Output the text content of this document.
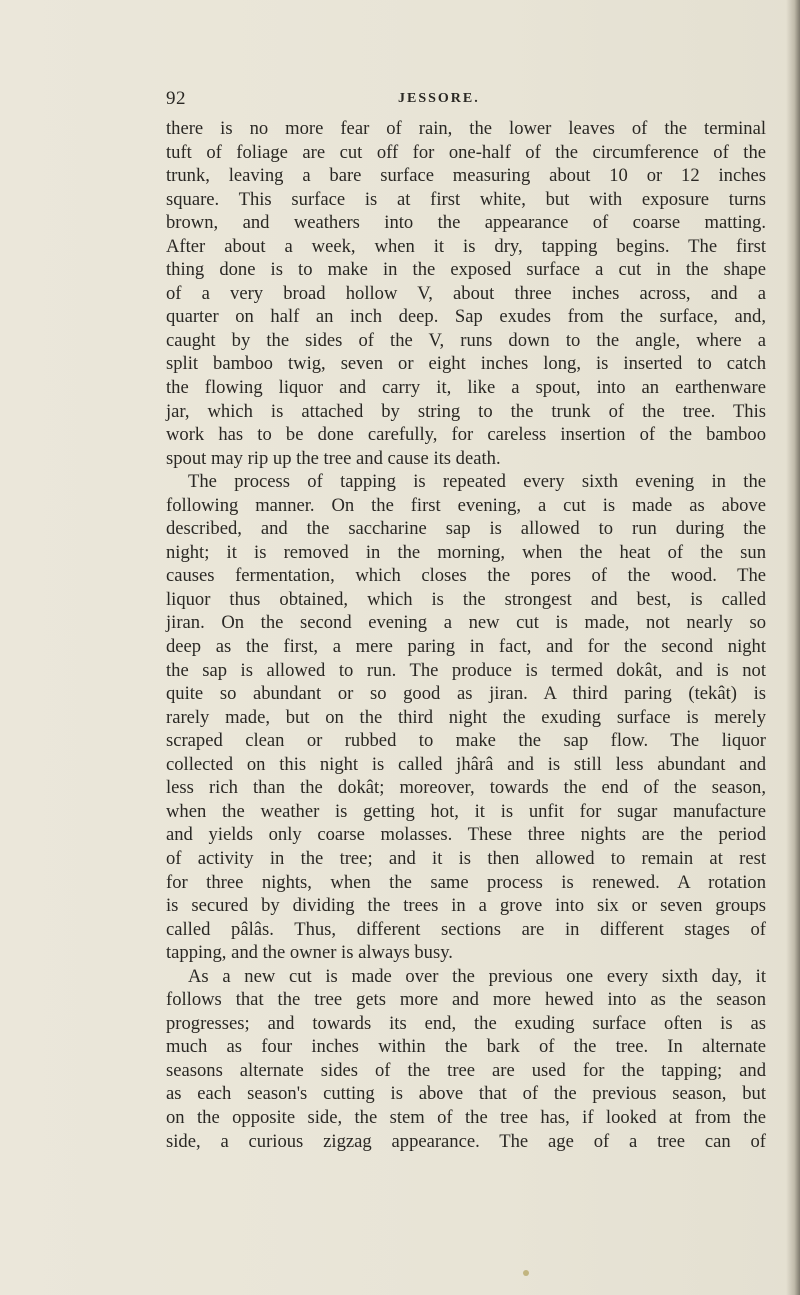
92	JESSORE.
there is no more fear of rain, the lower leaves of the terminal
tuft of foliage are cut off for one-half of the circumference of the
trunk, leaving a bare surface measuring about 10 or 12 inches
square. This surface is at first white, but with exposure turns
brown, and weathers into the appearance of coarse matting.
After about a week, when it is dry, tapping begins. The first
thing done is to make in the exposed surface a cut in the shape
of a very broad hollow V, about three inches across, and a
quarter on half an inch deep. Sap exudes from the surface, and,
caught by the sides of the V, runs down to the angle, where a
split bamboo twig, seven or eight inches long, is inserted to catch
the flowing liquor and carry it, like a spout, into an earthenware
jar, which is attached by string to the trunk of the tree. This
work has to be done carefully, for careless insertion of the bamboo
spout may rip up the tree and cause its death.
The process of tapping is repeated every sixth evening in the
following manner. On the first evening, a cut is made as above
described, and the saccharine sap is allowed to run during the
night; it is removed in the morning, when the heat of the sun
causes fermentation, which closes the pores of the wood. The
liquor thus obtained, which is the strongest and best, is called
jiran. On the second evening a new cut is made, not nearly so
deep as the first, a mere paring in fact, and for the second night
the sap is allowed to run. The produce is termed dokât, and is not
quite so abundant or so good as jiran. A third paring (tekât) is
rarely made, but on the third night the exuding surface is merely
scraped clean or rubbed to make the sap flow. The liquor
collected on this night is called jhârâ and is still less abundant and
less rich than the dokât; moreover, towards the end of the season,
when the weather is getting hot, it is unfit for sugar manufacture
and yields only coarse molasses. These three nights are the period
of activity in the tree; and it is then allowed to remain at rest
for three nights, when the same process is renewed. A rotation
is secured by dividing the trees in a grove into six or seven groups
called pâlâs. Thus, different sections are in different stages of
tapping, and the owner is always busy.
As a new cut is made over the previous one every sixth day, it
follows that the tree gets more and more hewed into as the season
progresses; and towards its end, the exuding surface often is as
much as four inches within the bark of the tree. In alternate
seasons alternate sides of the tree are used for the tapping; and
as each season's cutting is above that of the previous season, but
on the opposite side, the stem of the tree has, if looked at from the
side, a curious zigzag appearance. The age of a tree can of
